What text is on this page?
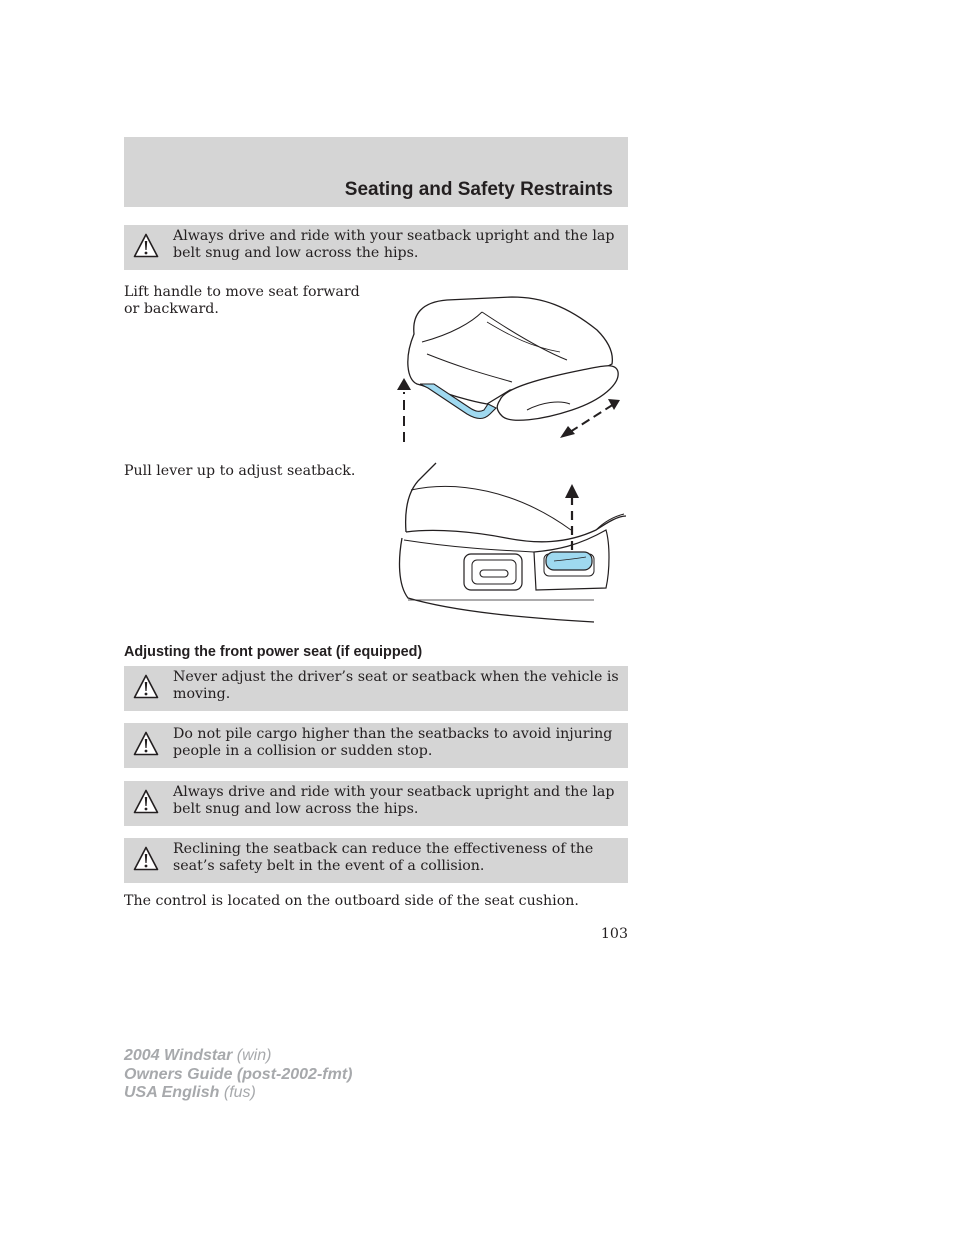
Seating and Safety Restraints
Always drive and ride with your seatback upright and the lap belt snug and low across the hips.

Lift handle to move seat forward or backward.

Pull lever up to adjust seatback.

Adjusting the front power seat (if equipped)
Never adjust the driver’s seat or seatback when the vehicle is moving.
Do not pile cargo higher than the seatbacks to avoid injuring people in a collision or sudden stop.
Always drive and ride with your seatback upright and the lap belt snug and low across the hips.
Reclining the seatback can reduce the effectiveness of the seat’s safety belt in the event of a collision.

The control is located on the outboard side of the seat cushion.

103
2004 Windstar (win)
Owners Guide (post-2002-fmt)
USA English (fus)
